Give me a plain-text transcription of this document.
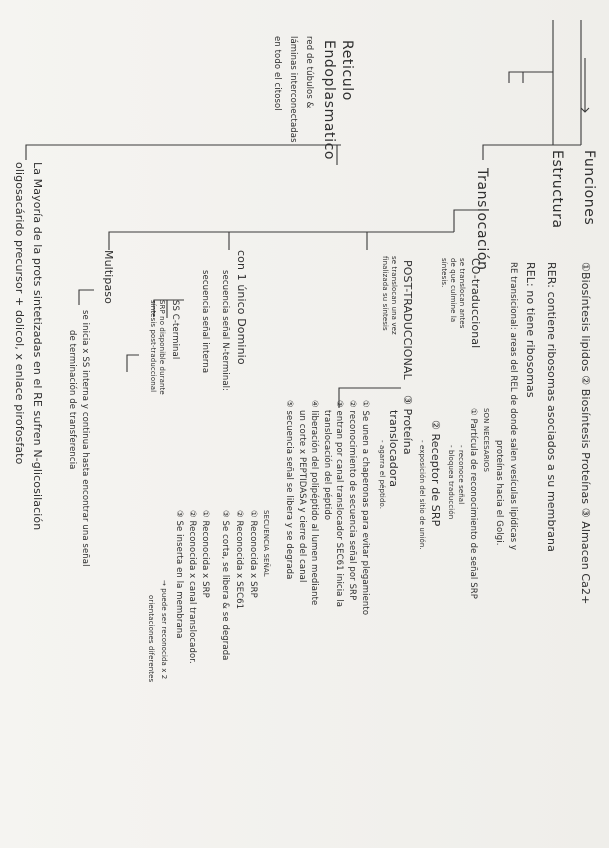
Reticulo
Endoplasmatico
red de túbulos &
láminas interconectadas
en todo el citosol
Funciones
①Biosíntesis lipidos ② Biosíntesis Proteínas ③ Almacen Ca2+
Estructura
RER: contiene ribosomas asociados a su membrana
REL: no tiene ribosomas
RE transicional: areas del REL de donde salen vesículas lipídicas y
proteínas hacia el Golgi.
Translocación
CO-traduccional
se translocan antes
de que culmine la
síntesis.
SON NECESARIOS
① Partícula de reconocimiento de señal SRP
- reconoce señal
- bloquea traducción
② Receptor de SRP
- exposición del sitio de unión.
③ Proteína
translocadora
- agarra el péptido.
POST-TRADUCCIONAL
se translocan una vez
finalizada su síntesis
① Se unen a chaperonas para evitar plegamiento
② reconocimiento de secuencia señal por SRP
③ entran por canal translocador SEC61 inicia la
translocación del péptido
④ liberación del polipéptido al lumen mediante
un corte x PEPTIDASA y cierre del canal
⑤ secuencia señal se libera y se degrada
con 1 único Dominio
secuencia señal N-terminal:
SECUENCIA SEÑAL
① Reconocida x SRP
② Reconocida x SEC61
③ Se corta, se libera & se degrada
secuencia señal interna
① Reconocida x SRP
② Reconocida x canal translocador.
③ Se inserta en la membrana
→ puede ser reconocida x 2
orientaciones diferentes
SS C-terminal
SRP no disponible durante
síntesis post-traduccional
Multipaso
se inicia x SS interna y continua hasta encontrar una señal
de terminación de transferencia
La Mayoría de la prots sintetizadas en el RE sufren N-glicosilación
oligosacárido precursor + dolicol, x enlace pirofosfato
